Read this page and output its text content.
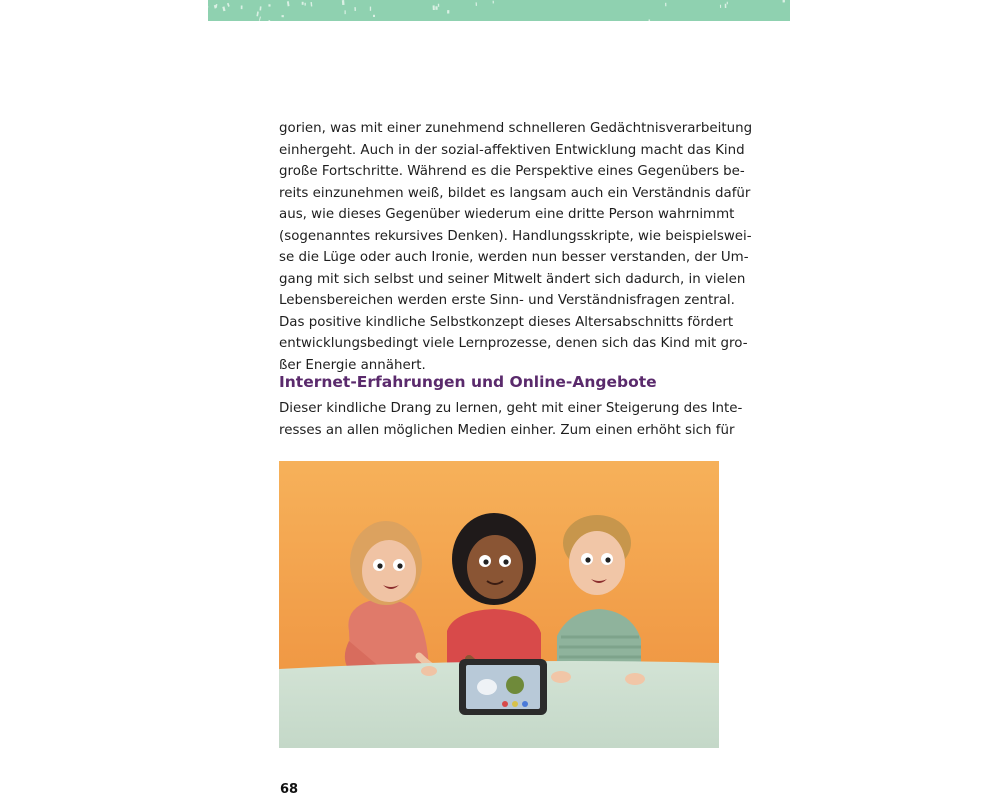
gorien, was mit einer zunehmend schnelleren Gedächtnisverarbeitung
einhergeht. Auch in der sozial-affektiven Entwicklung macht das Kind
große Fortschritte. Während es die Perspektive eines Gegenübers be-
reits einzunehmen weiß, bildet es langsam auch ein Verständnis dafür
aus, wie dieses Gegenüber wiederum eine dritte Person wahrnimmt
(sogenanntes rekursives Denken). Handlungsskripte, wie beispielswei-
se die Lüge oder auch Ironie, werden nun besser verstanden, der Um-
gang mit sich selbst und seiner Mitwelt ändert sich dadurch, in vielen
Lebensbereichen werden erste Sinn- und Verständnisfragen zentral.
Das positive kindliche Selbstkonzept dieses Altersabschnitts fördert
entwicklungsbedingt viele Lernprozesse, denen sich das Kind mit gro-
ßer Energie annähert.
Internet-Erfahrungen und Online-Angebote
Dieser kindliche Drang zu lernen, geht mit einer Steigerung des Inte-
resses an allen möglichen Medien einher. Zum einen erhöht sich für
68
